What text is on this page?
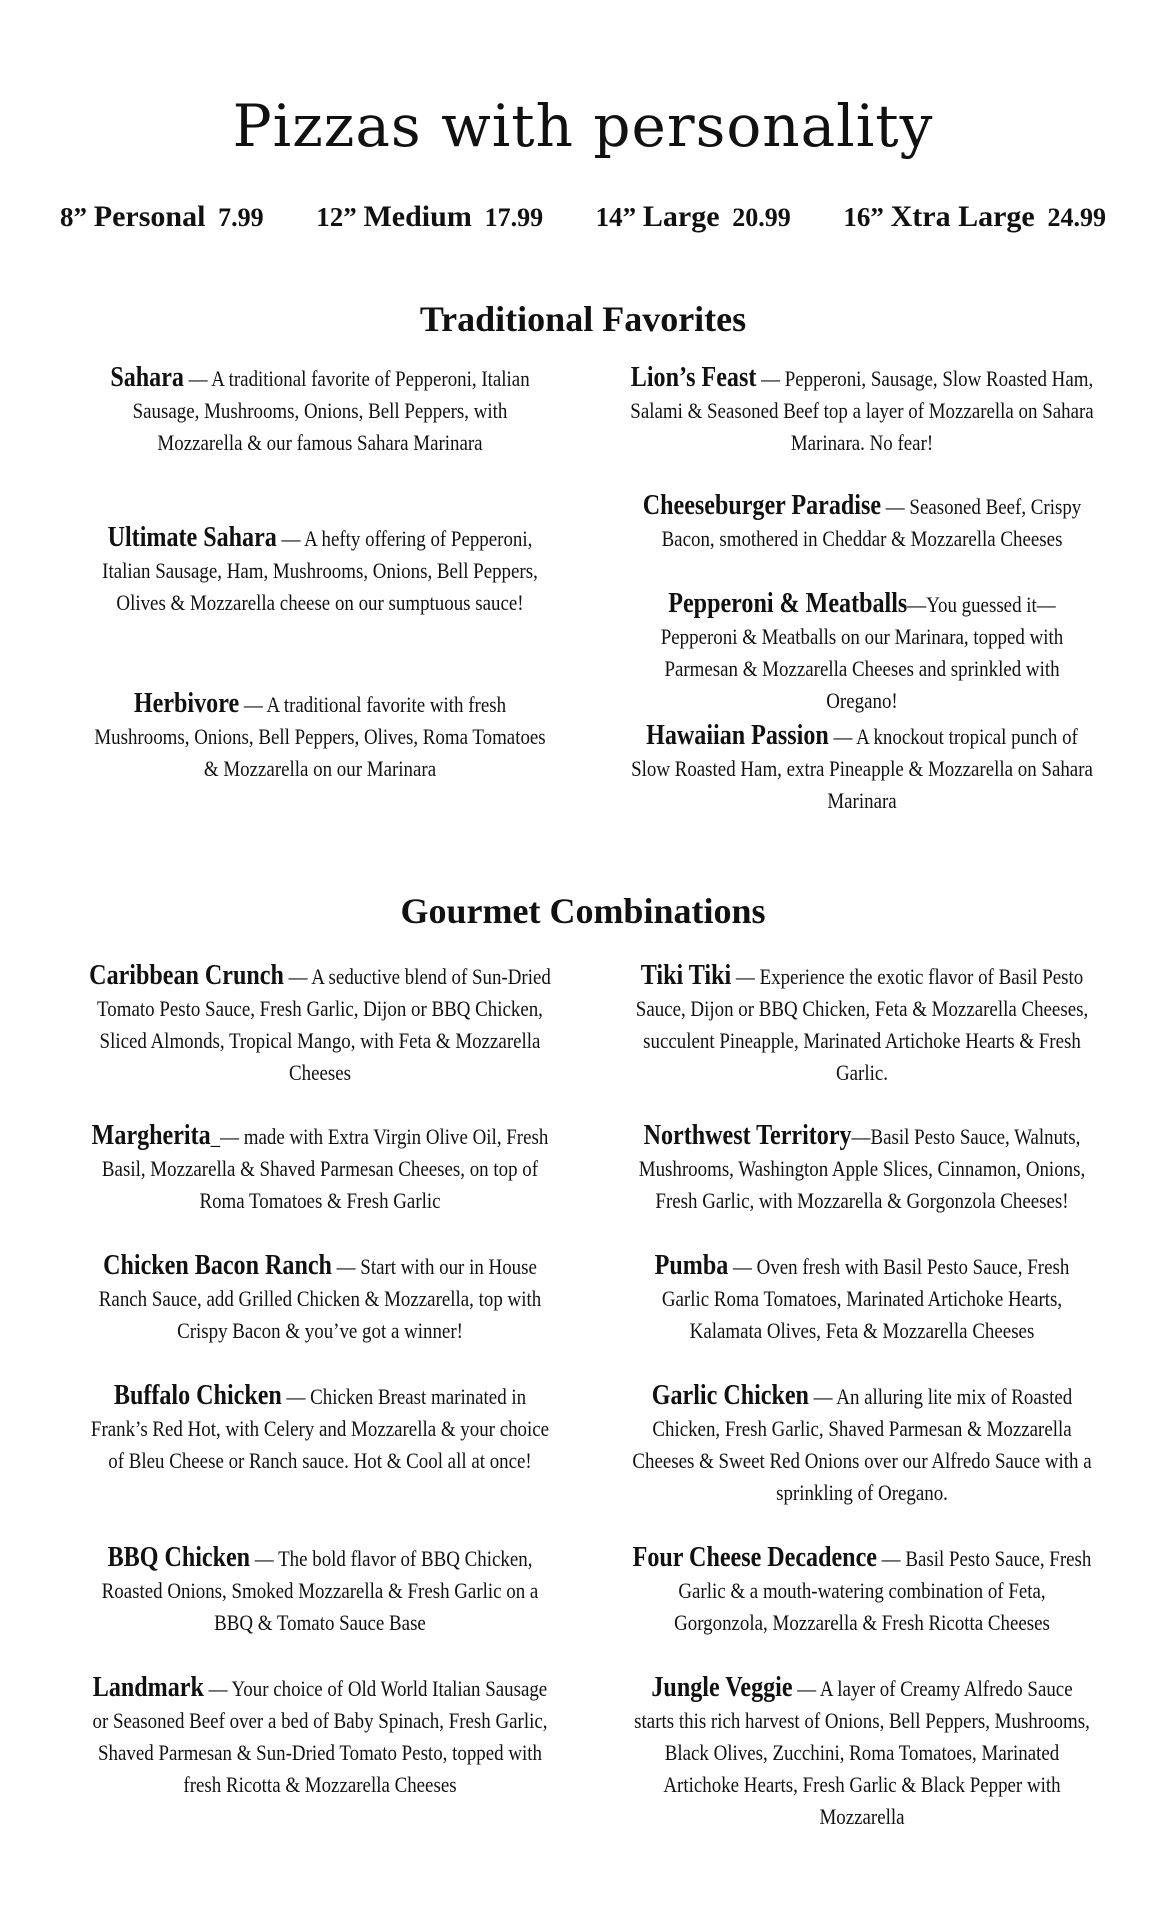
Pizzas with personality
8” Personal 7.99 12” Medium 17.99 14” Large 20.99 16” Xtra Large 24.99
Traditional Favorites
Sahara — A traditional favorite of Pepperoni, Italian Sausage, Mushrooms, Onions, Bell Peppers, with Mozzarella & our famous Sahara Marinara
Ultimate Sahara — A hefty offering of Pepperoni, Italian Sausage, Ham, Mushrooms, Onions, Bell Peppers, Olives & Mozzarella cheese on our sumptuous sauce!
Herbivore — A traditional favorite with fresh Mushrooms, Onions, Bell Peppers, Olives, Roma Tomatoes & Mozzarella on our Marinara
Lion’s Feast — Pepperoni, Sausage, Slow Roasted Ham, Salami & Seasoned Beef top a layer of Mozzarella on Sahara Marinara. No fear!
Cheeseburger Paradise — Seasoned Beef, Crispy Bacon, smothered in Cheddar & Mozzarella Cheeses
Pepperoni & Meatballs—You guessed it— Pepperoni & Meatballs on our Marinara, topped with Parmesan & Mozzarella Cheeses and sprinkled with Oregano!
Hawaiian Passion — A knockout tropical punch of Slow Roasted Ham, extra Pineapple & Mozzarella on Sahara Marinara
Gourmet Combinations
Caribbean Crunch — A seductive blend of Sun-Dried Tomato Pesto Sauce, Fresh Garlic, Dijon or BBQ Chicken, Sliced Almonds, Tropical Mango, with Feta & Mozzarella Cheeses
Margherita_— made with Extra Virgin Olive Oil, Fresh Basil, Mozzarella & Shaved Parmesan Cheeses, on top of Roma Tomatoes & Fresh Garlic
Chicken Bacon Ranch — Start with our in House Ranch Sauce, add Grilled Chicken & Mozzarella, top with Crispy Bacon & you’ve got a winner!
Buffalo Chicken — Chicken Breast marinated in Frank’s Red Hot, with Celery and Mozzarella & your choice of Bleu Cheese or Ranch sauce. Hot & Cool all at once!
BBQ Chicken — The bold flavor of BBQ Chicken, Roasted Onions, Smoked Mozzarella & Fresh Garlic on a BBQ & Tomato Sauce Base
Landmark — Your choice of Old World Italian Sausage or Seasoned Beef over a bed of Baby Spinach, Fresh Garlic, Shaved Parmesan & Sun-Dried Tomato Pesto, topped with fresh Ricotta & Mozzarella Cheeses
Tiki Tiki — Experience the exotic flavor of Basil Pesto Sauce, Dijon or BBQ Chicken, Feta & Mozzarella Cheeses, succulent Pineapple, Marinated Artichoke Hearts & Fresh Garlic.
Northwest Territory—Basil Pesto Sauce, Walnuts, Mushrooms, Washington Apple Slices, Cinnamon, Onions, Fresh Garlic, with Mozzarella & Gorgonzola Cheeses!
Pumba — Oven fresh with Basil Pesto Sauce, Fresh Garlic Roma Tomatoes, Marinated Artichoke Hearts, Kalamata Olives, Feta & Mozzarella Cheeses
Garlic Chicken — An alluring lite mix of Roasted Chicken, Fresh Garlic, Shaved Parmesan & Mozzarella Cheeses & Sweet Red Onions over our Alfredo Sauce with a sprinkling of Oregano.
Four Cheese Decadence — Basil Pesto Sauce, Fresh Garlic & a mouth-watering combination of Feta, Gorgonzola, Mozzarella & Fresh Ricotta Cheeses
Jungle Veggie — A layer of Creamy Alfredo Sauce starts this rich harvest of Onions, Bell Peppers, Mushrooms, Black Olives, Zucchini, Roma Tomatoes, Marinated Artichoke Hearts, Fresh Garlic & Black Pepper with Mozzarella
